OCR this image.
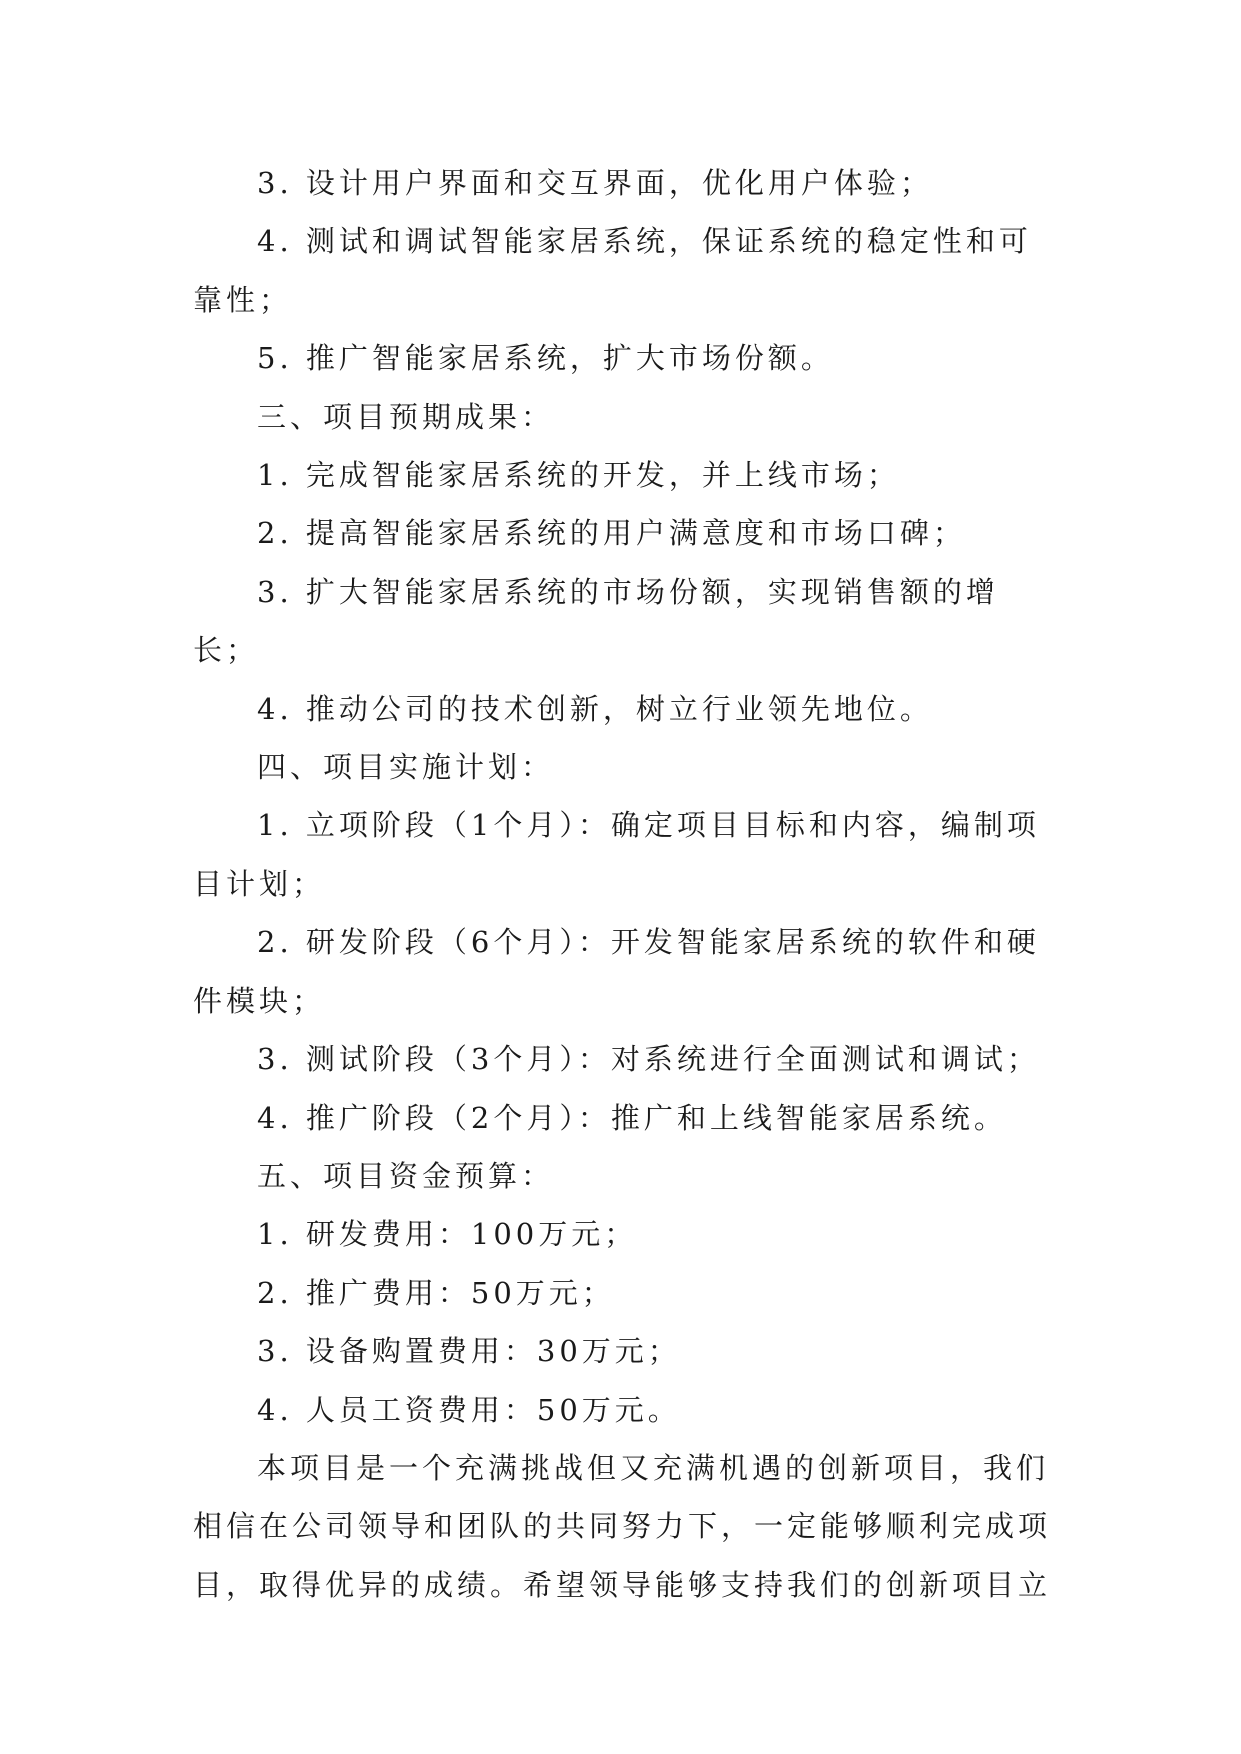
3. 设计用户界面和交互界面，优化用户体验；

4. 测试和调试智能家居系统，保证系统的稳定性和可靠性；

5. 推广智能家居系统，扩大市场份额。

三、项目预期成果：

1. 完成智能家居系统的开发，并上线市场；

2. 提高智能家居系统的用户满意度和市场口碑；

3. 扩大智能家居系统的市场份额，实现销售额的增长；

4. 推动公司的技术创新，树立行业领先地位。

四、项目实施计划：

1. 立项阶段（1个月）：确定项目目标和内容，编制项目计划；

2. 研发阶段（6个月）：开发智能家居系统的软件和硬件模块；

3. 测试阶段（3个月）：对系统进行全面测试和调试；

4. 推广阶段（2个月）：推广和上线智能家居系统。

五、项目资金预算：

1. 研发费用：100万元；

2. 推广费用：50万元；

3. 设备购置费用：30万元；

4. 人员工资费用：50万元。

本项目是一个充满挑战但又充满机遇的创新项目，我们相信在公司领导和团队的共同努力下，一定能够顺利完成项目，取得优异的成绩。希望领导能够支持我们的创新项目立
